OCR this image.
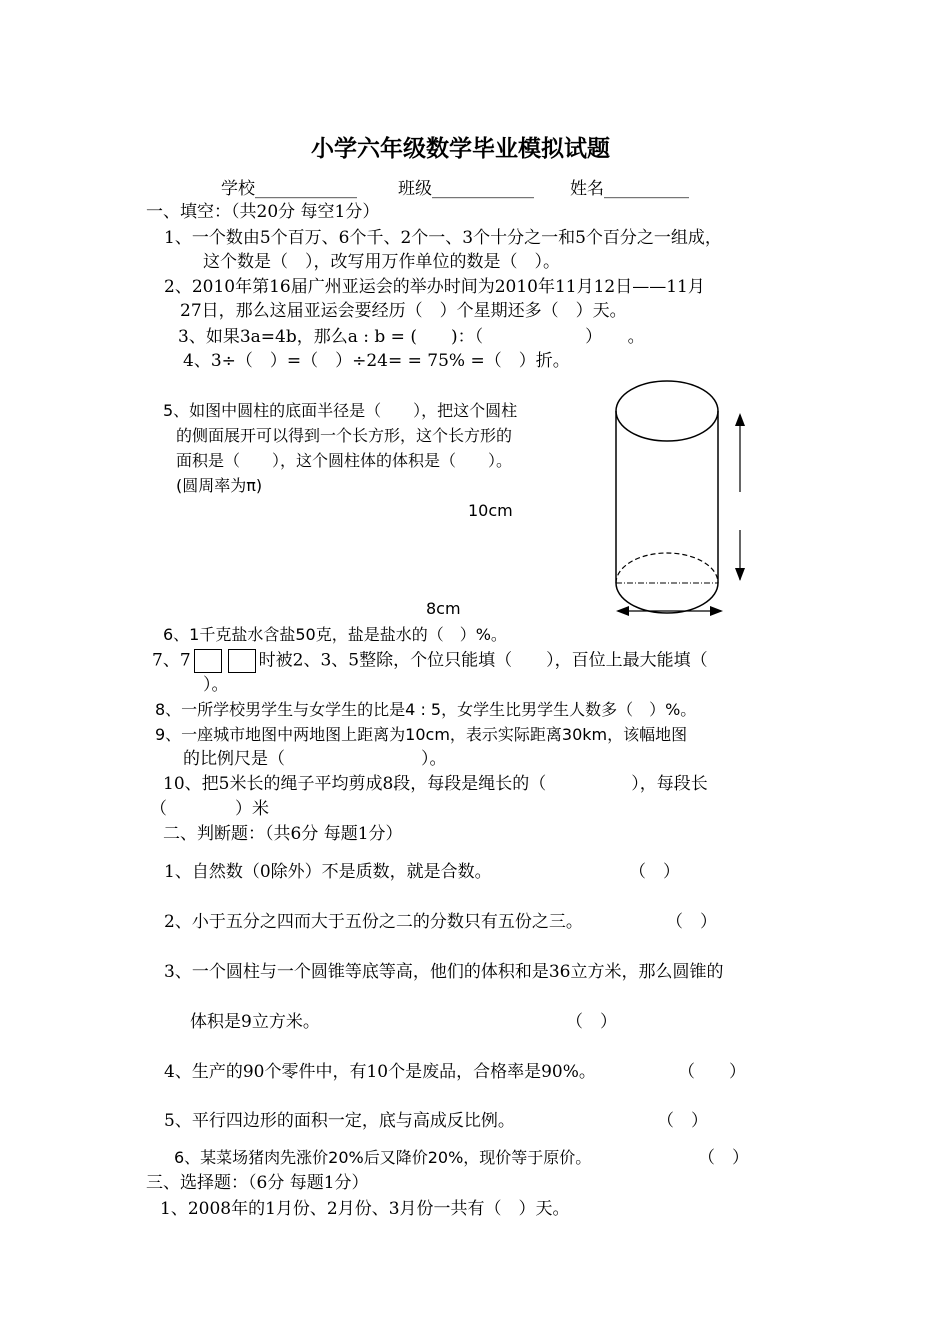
小学六年级数学毕业模拟试题
学校____________ 班级____________ 姓名__________
一、填空：（共20分 每空1分）
1、一个数由5个百万、6个千、2个一、3个十分之一和5个百分之一组成，
这个数是（　），改写用万作单位的数是（　）。
2、2010年第16届广州亚运会的举办时间为2010年11月12日——11月
27日，那么这届亚运会要经历（　）个星期还多（　）天。
3、如果3a=4b，那么a : b = (　　)：（　　　　　　）　　。
4、3÷（　）=（　）÷24= = 75% =（　）折。
5、如图中圆柱的底面半径是（　　），把这个圆柱
的侧面展开可以得到一个长方形，这个长方形的
面积是（　　），这个圆柱体的体积是（　　）。
(圆周率为π)
10cm
8cm
6、1千克盐水含盐50克，盐是盐水的（　）%。
7、7	时被2、3、5整除，个位只能填（　　），百位上最大能填（
）。
8、一所学校男学生与女学生的比是4 : 5，女学生比男学生人数多（　）%。
9、一座城市地图中两地图上距离为10cm，表示实际距离30km，该幅地图
的比例尺是（　　　　　　　　）。
10、把5米长的绳子平均剪成8段，每段是绳长的（　　　　　），每段长
（　　　　）米
二、判断题：（共6分 每题1分）
1、自然数（0除外）不是质数，就是合数。	（　）
2、小于五分之四而大于五份之二的分数只有五份之三。	（　）
3、一个圆柱与一个圆锥等底等高，他们的体积和是36立方米，那么圆锥的
体积是9立方米。	（　）
4、生产的90个零件中，有10个是废品，合格率是90%。	（　　）
5、平行四边形的面积一定，底与高成反比例。	（　）
6、某菜场猪肉先涨价20%后又降价20%，现价等于原价。	（　）
三、选择题：（6分 每题1分）
1、2008年的1月份、2月份、3月份一共有（　）天。
